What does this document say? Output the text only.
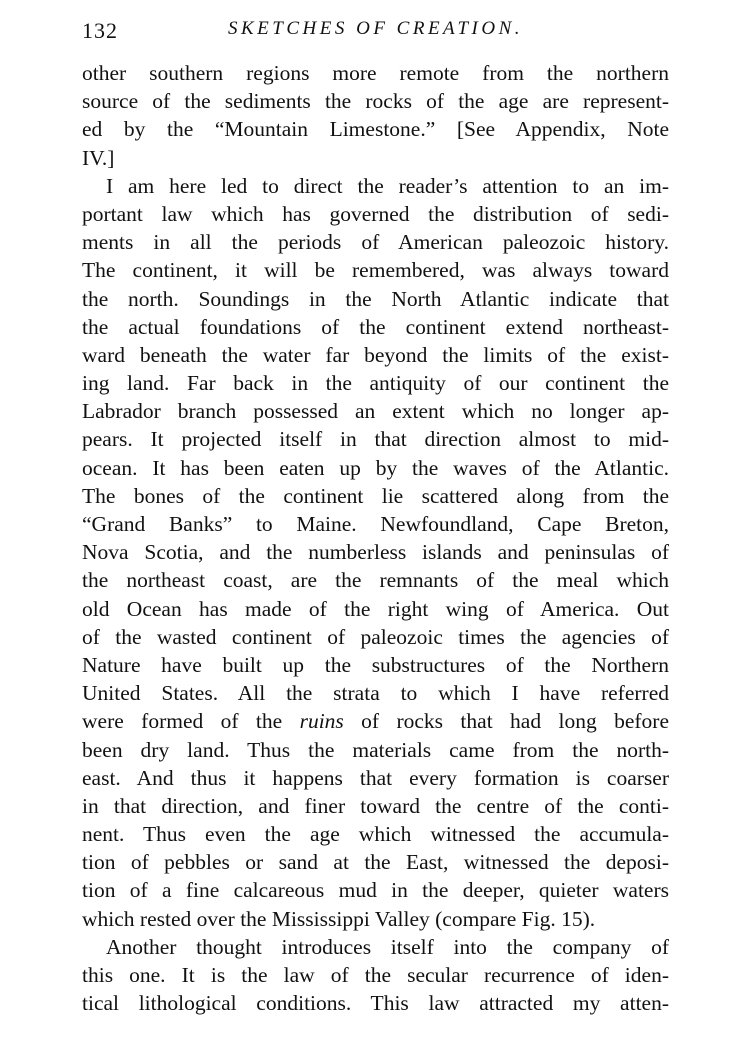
132	SKETCHES OF CREATION.
other southern regions more remote from the northern
source of the sediments the rocks of the age are represent-
ed by the “Mountain Limestone.” [See Appendix, Note
IV.]
I am here led to direct the reader’s attention to an im-
portant law which has governed the distribution of sedi-
ments in all the periods of American paleozoic history.
The continent, it will be remembered, was always toward
the north. Soundings in the North Atlantic indicate that
the actual foundations of the continent extend northeast-
ward beneath the water far beyond the limits of the exist-
ing land. Far back in the antiquity of our continent the
Labrador branch possessed an extent which no longer ap-
pears. It projected itself in that direction almost to mid-
ocean. It has been eaten up by the waves of the Atlantic.
The bones of the continent lie scattered along from the
“Grand Banks” to Maine. Newfoundland, Cape Breton,
Nova Scotia, and the numberless islands and peninsulas of
the northeast coast, are the remnants of the meal which
old Ocean has made of the right wing of America. Out
of the wasted continent of paleozoic times the agencies of
Nature have built up the substructures of the Northern
United States. All the strata to which I have referred
were formed of the ruins of rocks that had long before
been dry land. Thus the materials came from the north-
east. And thus it happens that every formation is coarser
in that direction, and finer toward the centre of the conti-
nent. Thus even the age which witnessed the accumula-
tion of pebbles or sand at the East, witnessed the deposi-
tion of a fine calcareous mud in the deeper, quieter waters
which rested over the Mississippi Valley (compare Fig. 15).
Another thought introduces itself into the company of
this one. It is the law of the secular recurrence of iden-
tical lithological conditions. This law attracted my atten-
